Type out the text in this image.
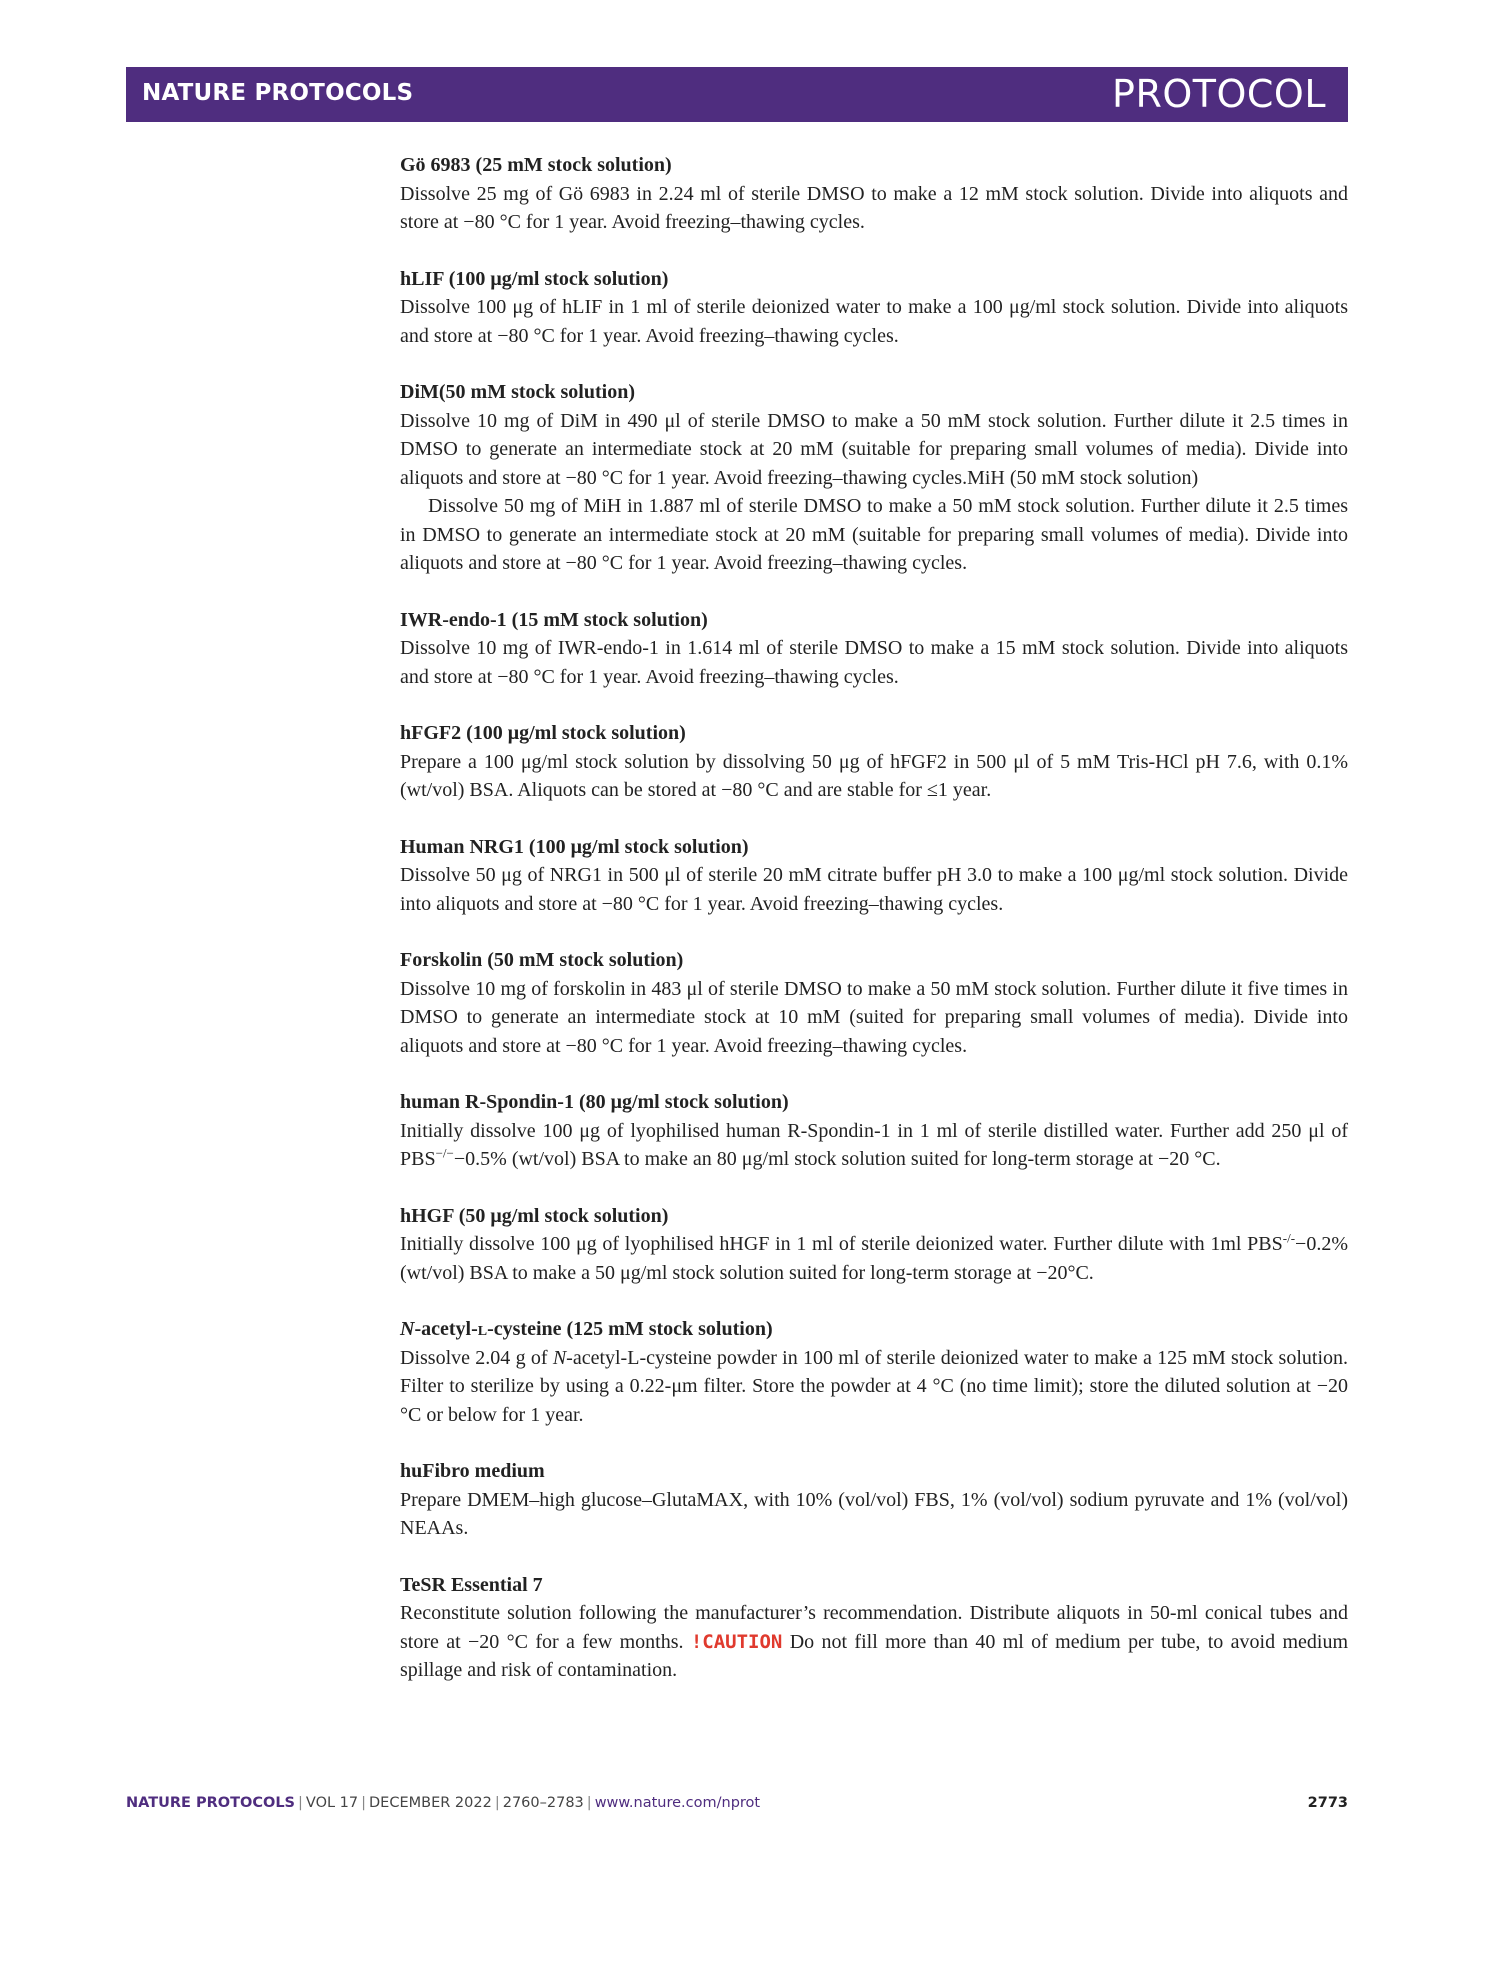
NATURE PROTOCOLS	PROTOCOL
Gö 6983 (25 mM stock solution)
Dissolve 25 mg of Gö 6983 in 2.24 ml of sterile DMSO to make a 12 mM stock solution. Divide into aliquots and store at −80 °C for 1 year. Avoid freezing–thawing cycles.
hLIF (100 μg/ml stock solution)
Dissolve 100 μg of hLIF in 1 ml of sterile deionized water to make a 100 μg/ml stock solution. Divide into aliquots and store at −80 °C for 1 year. Avoid freezing–thawing cycles.
DiM(50 mM stock solution)
Dissolve 10 mg of DiM in 490 μl of sterile DMSO to make a 50 mM stock solution. Further dilute it 2.5 times in DMSO to generate an intermediate stock at 20 mM (suitable for preparing small volumes of media). Divide into aliquots and store at −80 °C for 1 year. Avoid freezing–thawing cycles.MiH (50 mM stock solution)
Dissolve 50 mg of MiH in 1.887 ml of sterile DMSO to make a 50 mM stock solution. Further dilute it 2.5 times in DMSO to generate an intermediate stock at 20 mM (suitable for preparing small volumes of media). Divide into aliquots and store at −80 °C for 1 year. Avoid freezing–thawing cycles.
IWR-endo-1 (15 mM stock solution)
Dissolve 10 mg of IWR-endo-1 in 1.614 ml of sterile DMSO to make a 15 mM stock solution. Divide into aliquots and store at −80 °C for 1 year. Avoid freezing–thawing cycles.
hFGF2 (100 μg/ml stock solution)
Prepare a 100 μg/ml stock solution by dissolving 50 μg of hFGF2 in 500 μl of 5 mM Tris-HCl pH 7.6, with 0.1% (wt/vol) BSA. Aliquots can be stored at −80 °C and are stable for ≤1 year.
Human NRG1 (100 μg/ml stock solution)
Dissolve 50 μg of NRG1 in 500 μl of sterile 20 mM citrate buffer pH 3.0 to make a 100 μg/ml stock solution. Divide into aliquots and store at −80 °C for 1 year. Avoid freezing–thawing cycles.
Forskolin (50 mM stock solution)
Dissolve 10 mg of forskolin in 483 μl of sterile DMSO to make a 50 mM stock solution. Further dilute it five times in DMSO to generate an intermediate stock at 10 mM (suited for preparing small volumes of media). Divide into aliquots and store at −80 °C for 1 year. Avoid freezing–thawing cycles.
human R-Spondin-1 (80 μg/ml stock solution)
Initially dissolve 100 μg of lyophilised human R-Spondin-1 in 1 ml of sterile distilled water. Further add 250 μl of PBS−/−−0.5% (wt/vol) BSA to make an 80 μg/ml stock solution suited for long-term storage at −20 °C.
hHGF (50 μg/ml stock solution)
Initially dissolve 100 μg of lyophilised hHGF in 1 ml of sterile deionized water. Further dilute with 1ml PBS-/-−0.2% (wt/vol) BSA to make a 50 μg/ml stock solution suited for long-term storage at −20°C.
N-acetyl-l-cysteine (125 mM stock solution)
Dissolve 2.04 g of N-acetyl-L-cysteine powder in 100 ml of sterile deionized water to make a 125 mM stock solution. Filter to sterilize by using a 0.22-μm filter. Store the powder at 4 °C (no time limit); store the diluted solution at −20 °C or below for 1 year.
huFibro medium
Prepare DMEM–high glucose–GlutaMAX, with 10% (vol/vol) FBS, 1% (vol/vol) sodium pyruvate and 1% (vol/vol) NEAAs.
TeSR Essential 7
Reconstitute solution following the manufacturer’s recommendation. Distribute aliquots in 50-ml conical tubes and store at −20 °C for a few months. !CAUTION Do not fill more than 40 ml of medium per tube, to avoid medium spillage and risk of contamination.
NATURE PROTOCOLS | VOL 17 | DECEMBER 2022 | 2760–2783 | www.nature.com/nprot	2773
